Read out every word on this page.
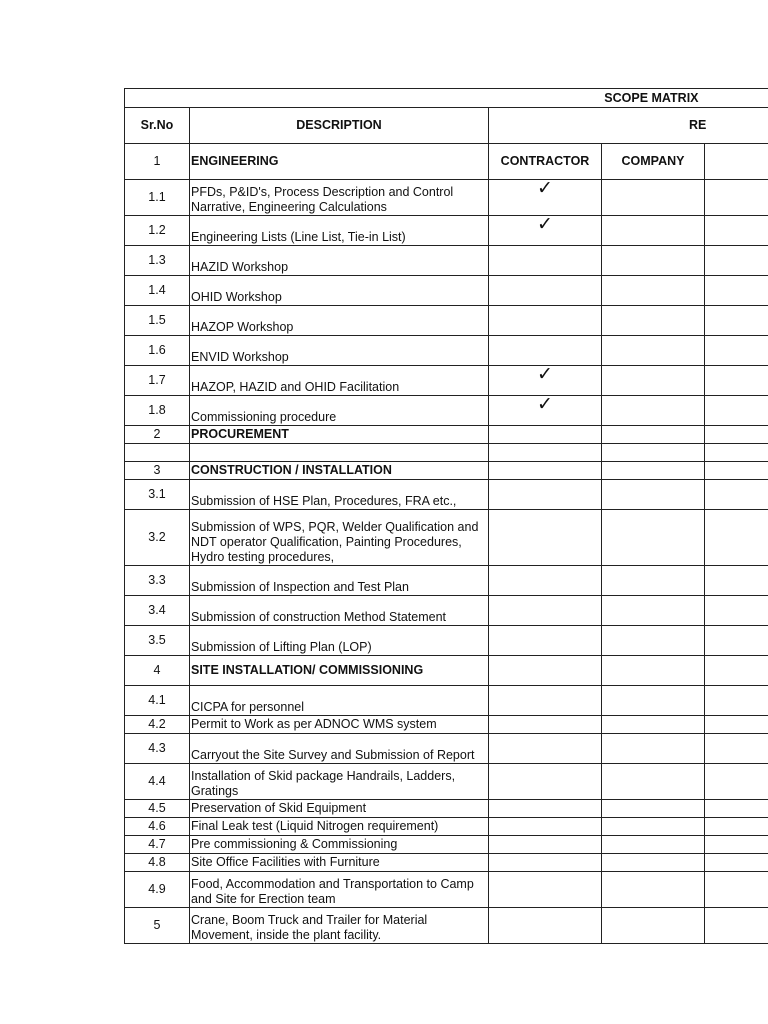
		SCOPE MATRIX		
Sr.No	DESCRIPTION	RE		
1	ENGINEERING	CONTRACTOR	COMPANY	
1.1	PFDs, P&ID's, Process Description and Control Narrative, Engineering Calculations	✓		
1.2	Engineering Lists (Line List, Tie-in List)	✓		
1.3	HAZID Workshop			
1.4	OHID Workshop			
1.5	HAZOP Workshop			
1.6	ENVID Workshop			
1.7	HAZOP, HAZID and OHID Facilitation	✓		
1.8	Commissioning procedure	✓		
2	PROCUREMENT			

3	CONSTRUCTION / INSTALLATION			
3.1	Submission of HSE Plan, Procedures, FRA etc.,			
3.2	Submission of WPS, PQR, Welder Qualification and NDT operator Qualification, Painting Procedures, Hydro testing procedures,			
3.3	Submission of Inspection and Test Plan			
3.4	Submission of construction Method Statement			
3.5	Submission of Lifting Plan (LOP)			
4	SITE INSTALLATION/ COMMISSIONING			
4.1	CICPA for personnel			
4.2	Permit to Work as per ADNOC WMS system			
4.3	Carryout the Site Survey and Submission of Report			
4.4	Installation of Skid package Handrails, Ladders, Gratings			
4.5	Preservation of Skid Equipment			
4.6	Final Leak test (Liquid Nitrogen requirement)			
4.7	Pre commissioning & Commissioning			
4.8	Site Office Facilities with Furniture			
4.9	Food, Accommodation and Transportation to Camp and Site for Erection team			
5	Crane, Boom Truck and Trailer for Material Movement, inside the plant facility.			
